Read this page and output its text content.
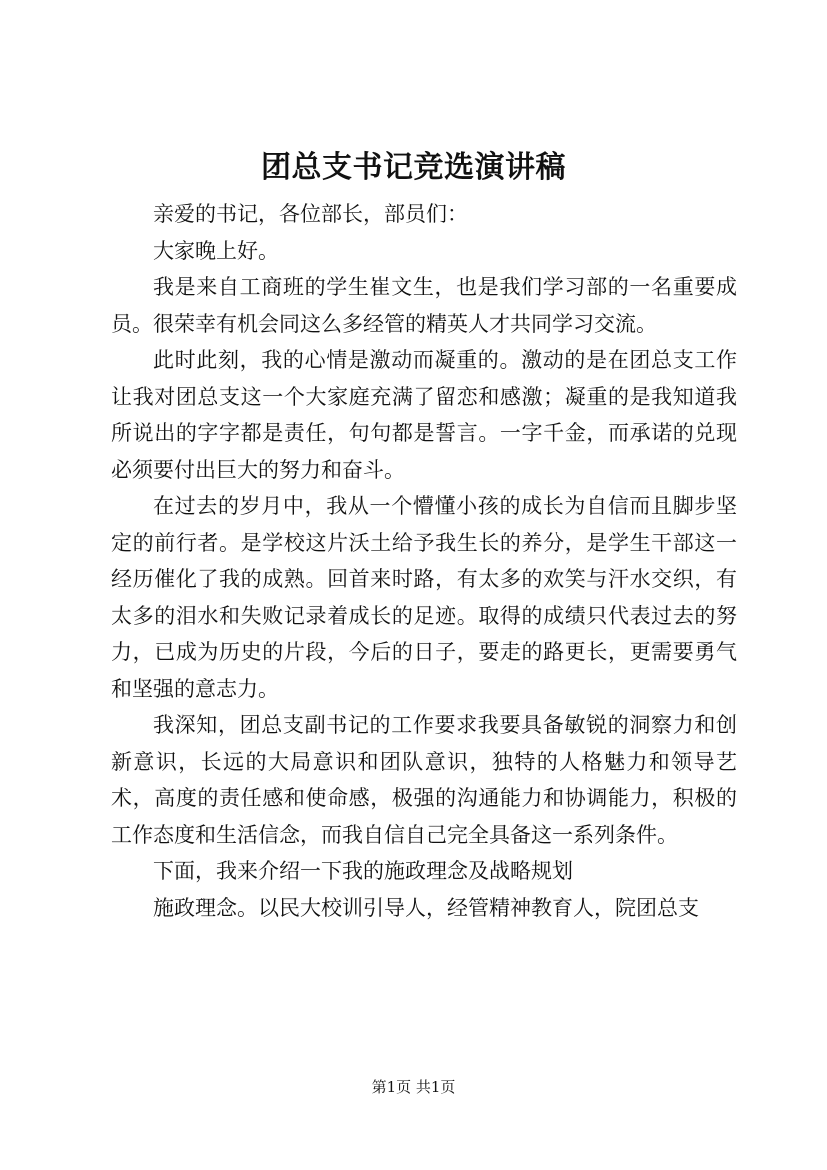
团总支书记竞选演讲稿

亲爱的书记，各位部长，部员们：

大家晚上好。

我是来自工商班的学生崔文生，也是我们学习部的一名重要成员。很荣幸有机会同这么多经管的精英人才共同学习交流。

此时此刻，我的心情是激动而凝重的。激动的是在团总支工作让我对团总支这一个大家庭充满了留恋和感激；凝重的是我知道我所说出的字字都是责任，句句都是誓言。一字千金，而承诺的兑现必须要付出巨大的努力和奋斗。

在过去的岁月中，我从一个懵懂小孩的成长为自信而且脚步坚定的前行者。是学校这片沃土给予我生长的养分，是学生干部这一经历催化了我的成熟。回首来时路，有太多的欢笑与汗水交织，有太多的泪水和失败记录着成长的足迹。取得的成绩只代表过去的努力，已成为历史的片段，今后的日子，要走的路更长，更需要勇气和坚强的意志力。

我深知，团总支副书记的工作要求我要具备敏锐的洞察力和创新意识，长远的大局意识和团队意识，独特的人格魅力和领导艺术，高度的责任感和使命感，极强的沟通能力和协调能力，积极的工作态度和生活信念，而我自信自己完全具备这一系列条件。

下面，我来介绍一下我的施政理念及战略规划

施政理念。以民大校训引导人，经管精神教育人，院团总支

第1页 共1页
